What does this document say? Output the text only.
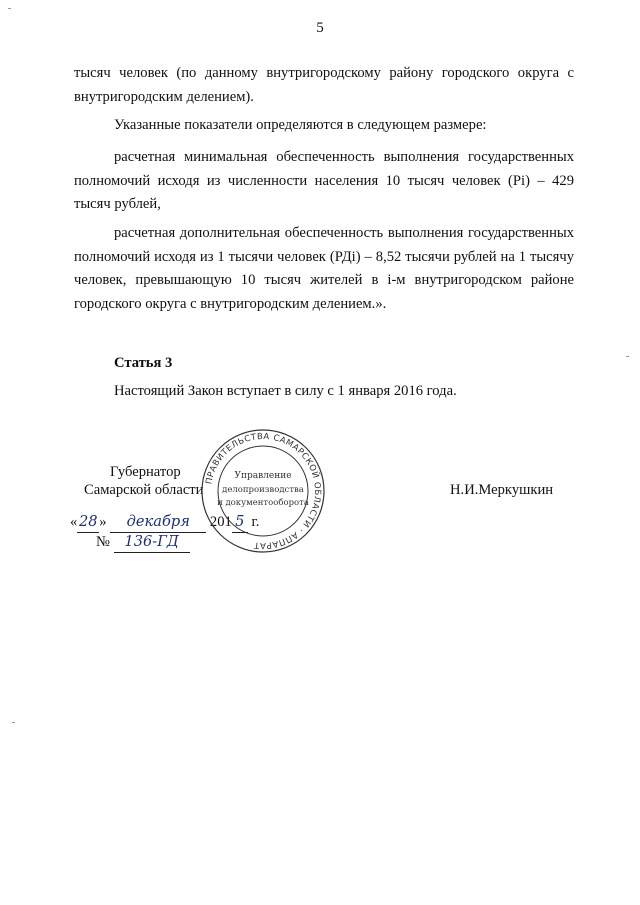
5

тысяч человек (по данному внутригородскому району городского округа с внутригородским делением).

Указанные показатели определяются в следующем размере:

расчетная минимальная обеспеченность выполнения государственных полномочий исходя из численности населения 10 тысяч человек (Pi) – 429 тысяч рублей,

расчетная дополнительная обеспеченность выполнения государственных полномочий исходя из 1 тысячи человек (РДi) – 8,52 тысячи рублей на 1 тысячу человек, превышающую 10 тысяч жителей в i-м внутригородском районе городского округа с внутригородским делением.».

Статья 3

Настоящий Закон вступает в силу с 1 января 2016 года.

Губернатор
Самарской области	Н.И.Меркушкин
« 28 » декабря 201 5 г.
№ 136-ГД
ПРАВИТЕЛЬСТВА САМАРСКОЙ ОБЛАСТИ · АППАРАТ
Управление
делопроизводства
и документооборота
